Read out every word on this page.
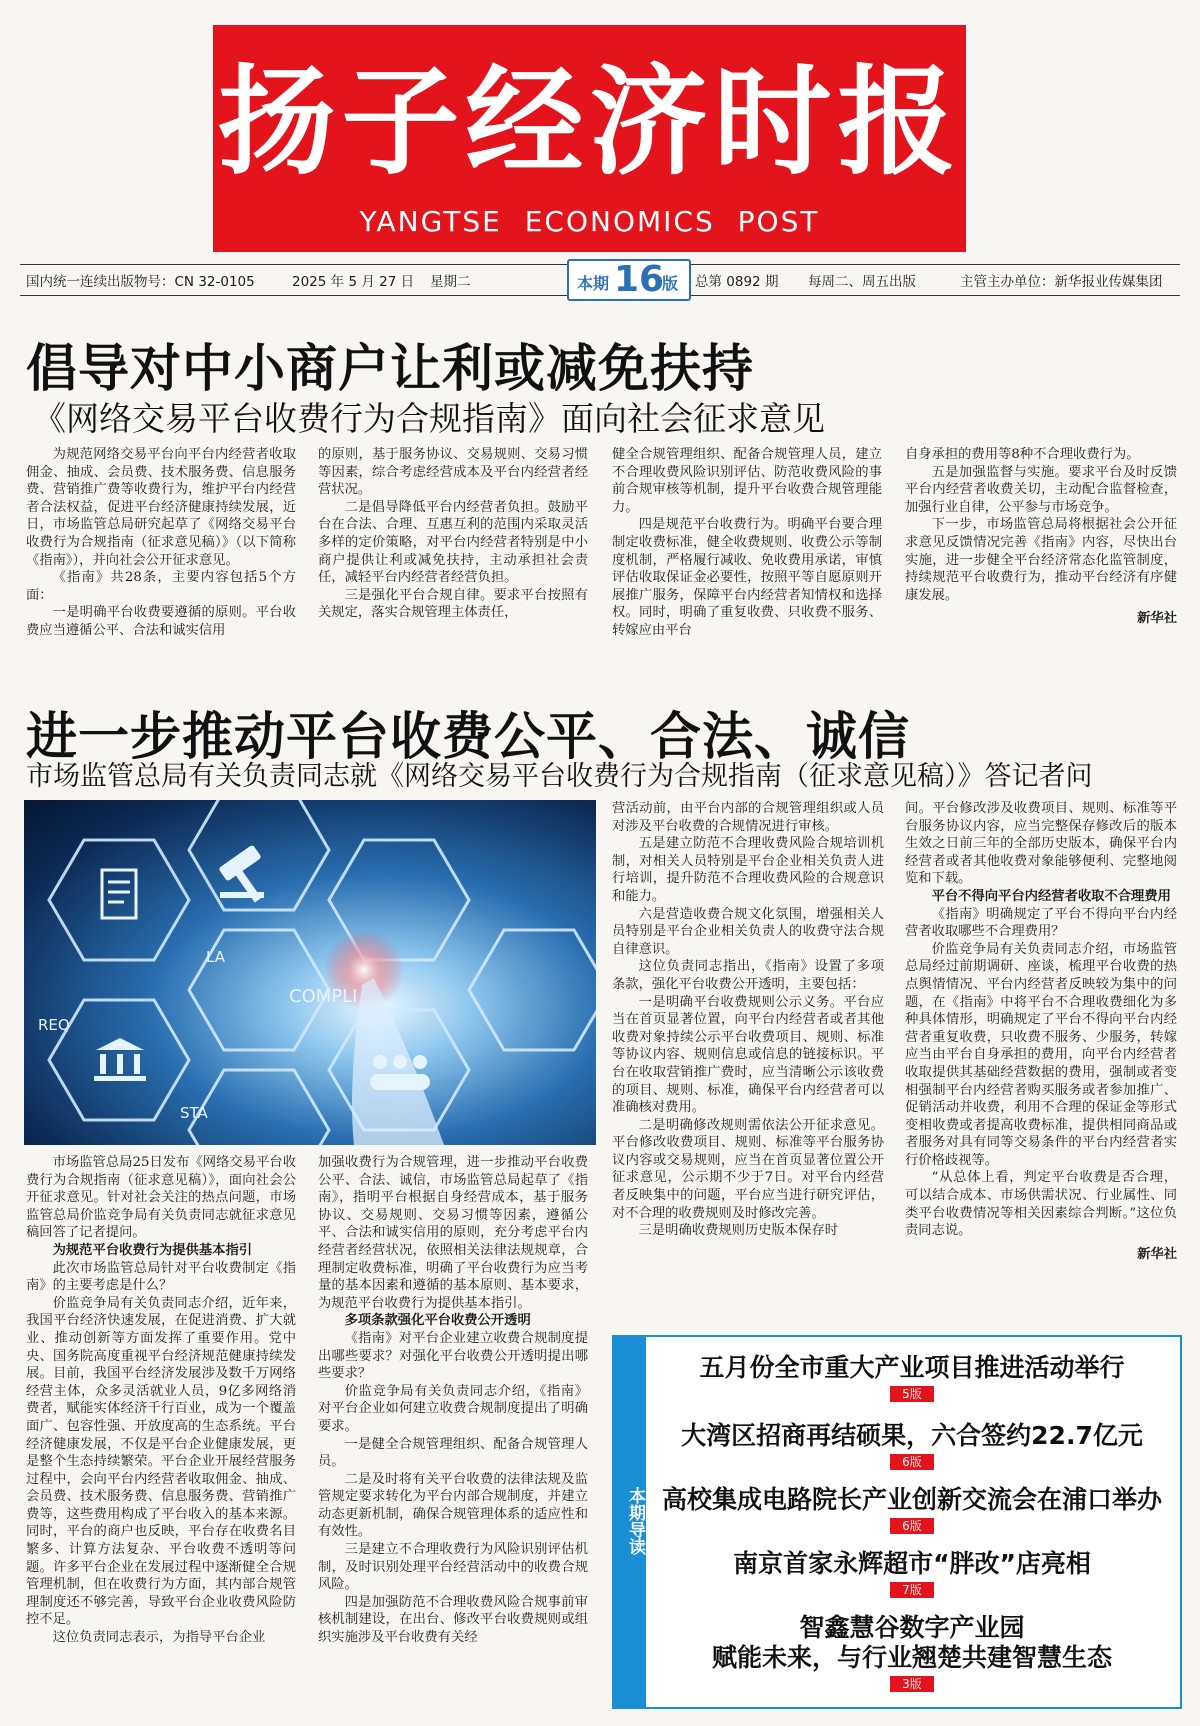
扬子经济时报
YANGTSE ECONOMICS POST
国内统一连续出版物号：CN 32-0105	2025 年 5 月 27 日 星期二	本期 16
版 总第 0892 期 每周二、周五出版	主管主办单位：新华报业传媒集团
倡导对中小商户让利或减免扶持
《网络交易平台收费行为合规指南》面向社会征求意见

为规范网络交易平台向平台内经营者收取佣金、抽成、会员费、技术服务费、信息服务费、营销推广费等收费行为，维护平台内经营者合法权益，促进平台经济健康持续发展，近日，市场监管总局研究起草了《网络交易平台收费行为合规指南（征求意见稿）》（以下简称《指南》），并向社会公开征求意见。

《指南》共28条，主要内容包括5个方面：

一是明确平台收费要遵循的原则。平台收费应当遵循公平、合法和诚实信用

的原则，基于服务协议、交易规则、交易习惯等因素，综合考虑经营成本及平台内经营者经营状况。

二是倡导降低平台内经营者负担。鼓励平台在合法、合理、互惠互利的范围内采取灵活多样的定价策略，对平台内经营者特别是中小商户提供让利或减免扶持，主动承担社会责任，减轻平台内经营者经营负担。

三是强化平台合规自律。要求平台按照有关规定，落实合规管理主体责任，

健全合规管理组织、配备合规管理人员，建立不合理收费风险识别评估、防范收费风险的事前合规审核等机制，提升平台收费合规管理能力。

四是规范平台收费行为。明确平台要合理制定收费标准，健全收费规则、收费公示等制度机制，严格履行减收、免收费用承诺，审慎评估收取保证金必要性，按照平等自愿原则开展推广服务，保障平台内经营者知情权和选择权。同时，明确了重复收费、只收费不服务、转嫁应由平台

自身承担的费用等8种不合理收费行为。

五是加强监督与实施。要求平台及时反馈平台内经营者收费关切，主动配合监督检查，加强行业自律，公平参与市场竞争。

下一步，市场监管总局将根据社会公开征求意见反馈情况完善《指南》内容，尽快出台实施，进一步健全平台经济常态化监管制度，持续规范平台收费行为，推动平台经济有序健康发展。

新华社

进一步推动平台收费公平、合法、诚信
市场监管总局有关负责同志就《网络交易平台收费行为合规指南（征求意见稿）》答记者问
REQ
LA
COMPLI
STA

市场监管总局25日发布《网络交易平台收费行为合规指南（征求意见稿）》，面向社会公开征求意见。针对社会关注的热点问题，市场监管总局价监竞争局有关负责同志就征求意见稿回答了记者提问。

为规范平台收费行为提供基本指引

此次市场监管总局针对平台收费制定《指南》的主要考虑是什么？

价监竞争局有关负责同志介绍，近年来，我国平台经济快速发展，在促进消费、扩大就业、推动创新等方面发挥了重要作用。党中央、国务院高度重视平台经济规范健康持续发展。目前，我国平台经济发展涉及数千万网络经营主体，众多灵活就业人员，9亿多网络消费者，赋能实体经济千行百业，成为一个覆盖面广、包容性强、开放度高的生态系统。平台经济健康发展，不仅是平台企业健康发展，更是整个生态持续繁荣。平台企业开展经营服务过程中，会向平台内经营者收取佣金、抽成、会员费、技术服务费、信息服务费、营销推广费等，这些费用构成了平台收入的基本来源。同时，平台的商户也反映，平台存在收费名目繁多、计算方法复杂、平台收费不透明等问题。许多平台企业在发展过程中逐渐健全合规管理机制，但在收费行为方面，其内部合规管理制度还不够完善，导致平台企业收费风险防控不足。

这位负责同志表示，为指导平台企业

加强收费行为合规管理，进一步推动平台收费公平、合法、诚信，市场监管总局起草了《指南》，指明平台根据自身经营成本，基于服务协议、交易规则、交易习惯等因素，遵循公平、合法和诚实信用的原则，充分考虑平台内经营者经营状况，依照相关法律法规规章，合理制定收费标准，明确了平台收费行为应当考量的基本因素和遵循的基本原则、基本要求，为规范平台收费行为提供基本指引。

多项条款强化平台收费公开透明

《指南》对平台企业建立收费合规制度提出哪些要求？对强化平台收费公开透明提出哪些要求？

价监竞争局有关负责同志介绍，《指南》对平台企业如何建立收费合规制度提出了明确要求。

一是健全合规管理组织、配备合规管理人员。

二是及时将有关平台收费的法律法规及监管规定要求转化为平台内部合规制度，并建立动态更新机制，确保合规管理体系的适应性和有效性。

三是建立不合理收费行为风险识别评估机制，及时识别处理平台经营活动中的收费合规风险。

四是加强防范不合理收费风险合规事前审核机制建设，在出台、修改平台收费规则或组织实施涉及平台收费有关经

营活动前，由平台内部的合规管理组织或人员对涉及平台收费的合规情况进行审核。

五是建立防范不合理收费风险合规培训机制，对相关人员特别是平台企业相关负责人进行培训，提升防范不合理收费风险的合规意识和能力。

六是营造收费合规文化氛围，增强相关人员特别是平台企业相关负责人的收费守法合规自律意识。

这位负责同志指出，《指南》设置了多项条款，强化平台收费公开透明，主要包括：

一是明确平台收费规则公示义务。平台应当在首页显著位置，向平台内经营者或者其他收费对象持续公示平台收费项目、规则、标准等协议内容、规则信息或信息的链接标识。平台在收取营销推广费时，应当清晰公示该收费的项目、规则、标准，确保平台内经营者可以准确核对费用。

二是明确修改规则需依法公开征求意见。平台修改收费项目、规则、标准等平台服务协议内容或交易规则，应当在首页显著位置公开征求意见，公示期不少于7日。对平台内经营者反映集中的问题，平台应当进行研究评估，对不合理的收费规则及时修改完善。

三是明确收费规则历史版本保存时

间。平台修改涉及收费项目、规则、标准等平台服务协议内容，应当完整保存修改后的版本生效之日前三年的全部历史版本，确保平台内经营者或者其他收费对象能够便利、完整地阅览和下载。

平台不得向平台内经营者收取不合理费用

《指南》明确规定了平台不得向平台内经营者收取哪些不合理费用？

价监竞争局有关负责同志介绍，市场监管总局经过前期调研、座谈，梳理平台收费的热点舆情情况、平台内经营者反映较为集中的问题，在《指南》中将平台不合理收费细化为多种具体情形，明确规定了平台不得向平台内经营者重复收费，只收费不服务、少服务，转嫁应当由平台自身承担的费用，向平台内经营者收取提供其基础经营数据的费用，强制或者变相强制平台内经营者购买服务或者参加推广、促销活动并收费，利用不合理的保证金等形式变相收费或者提高收费标准，提供相同商品或者服务对具有同等交易条件的平台内经营者实行价格歧视等。

“从总体上看，判定平台收费是否合理，可以结合成本、市场供需状况、行业属性、同类平台收费情况等相关因素综合判断。”这位负责同志说。

新华社

本期导读
五月份全市重大产业项目推进活动举行
5版
大湾区招商再结硕果，六合签约22.7亿元
6版
高校集成电路院长产业创新交流会在浦口举办
6版
南京首家永辉超市“胖改”店亮相
7版
智鑫慧谷数字产业园
赋能未来，与行业翘楚共建智慧生态
3版
